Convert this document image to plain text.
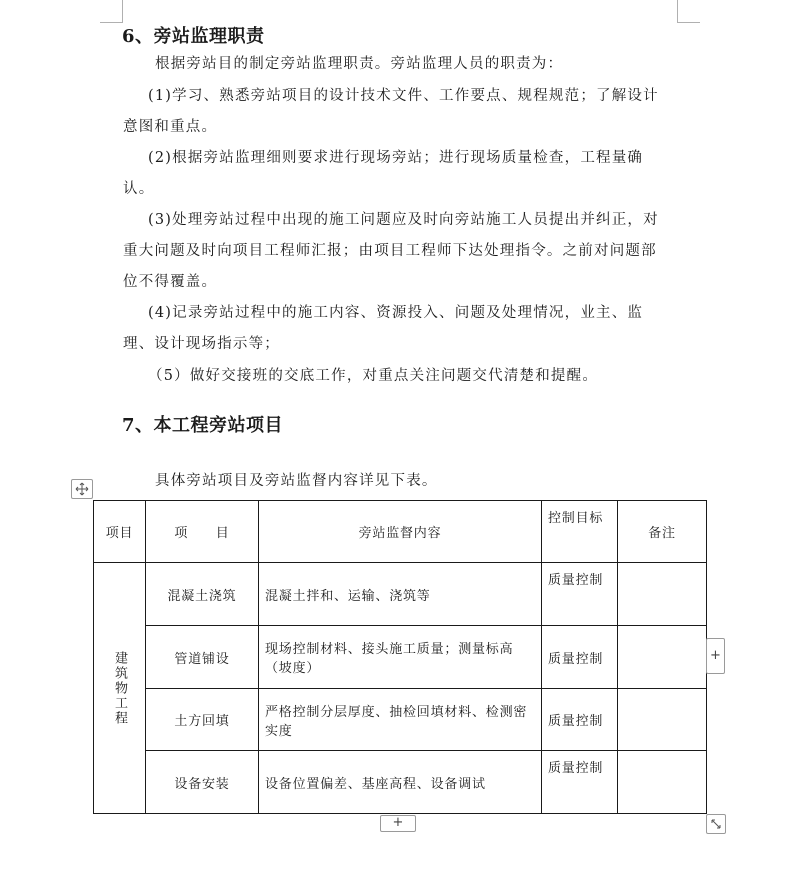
6、旁站监理职责
根据旁站目的制定旁站监理职责。旁站监理人员的职责为：
(1)学习、熟悉旁站项目的设计技术文件、工作要点、规程规范；了解设计
意图和重点。
(2)根据旁站监理细则要求进行现场旁站；进行现场质量检查，工程量确
认。
(3)处理旁站过程中出现的施工问题应及时向旁站施工人员提出并纠正，对
重大问题及时向项目工程师汇报；由项目工程师下达处理指令。之前对问题部
位不得覆盖。
(4)记录旁站过程中的施工内容、资源投入、问题及处理情况，业主、监
理、设计现场指示等；
（5）做好交接班的交底工作，对重点关注问题交代清楚和提醒。
7、本工程旁站项目
具体旁站项目及旁站监督内容详见下表。
项目	项　　目	旁站监督内容	控制目标	备注

建筑物工程	混凝土浇筑	混凝土拌和、运输、浇筑等	质量控制	
	管道铺设	现场控制材料、接头施工质量；测量标高（坡度）	质量控制	
	土方回填	严格控制分层厚度、抽检回填材料、检测密实度	质量控制	
	设备安装	设备位置偏差、基座高程、设备调试	质量控制	
+
+
